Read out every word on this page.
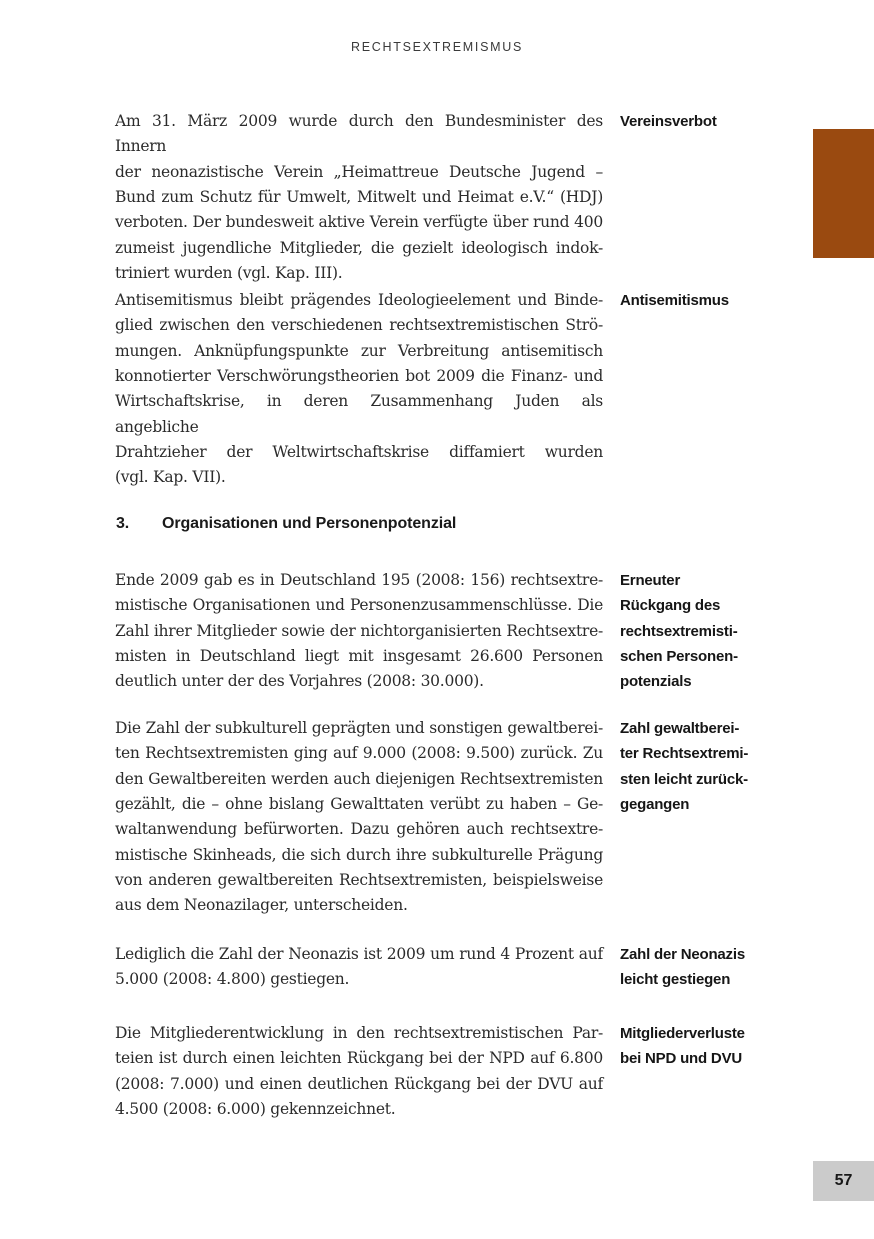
RECHTSEXTREMISMUS
Am 31. März 2009 wurde durch den Bundesminister des Innern
der neonazistische Verein „Heimattreue Deutsche Jugend –
Bund zum Schutz für Umwelt, Mitwelt und Heimat e.V.“ (HDJ)
verboten. Der bundesweit aktive Verein verfügte über rund 400
zumeist jugendliche Mitglieder, die gezielt ideologisch indok-
triniert wurden (vgl. Kap. III).
Vereinsverbot
Antisemitismus bleibt prägendes Ideologieelement und Binde-
glied zwischen den verschiedenen rechtsextremistischen Strö-
mungen. Anknüpfungspunkte zur Verbreitung antisemitisch
konnotierter Verschwörungstheorien bot 2009 die Finanz- und
Wirtschaftskrise, in deren Zusammenhang Juden als angebliche
Drahtzieher der Weltwirtschaftskrise diffamiert wurden
(vgl. Kap. VII).
Antisemitismus
3. Organisationen und Personenpotenzial
Ende 2009 gab es in Deutschland 195 (2008: 156) rechtsextre-
mistische Organisationen und Personenzusammenschlüsse. Die
Zahl ihrer Mitglieder sowie der nichtorganisierten Rechtsextre-
misten in Deutschland liegt mit insgesamt 26.600 Personen
deutlich unter der des Vorjahres (2008: 30.000).
Erneuter
Rückgang des
rechtsextremisti-
schen Personen-
potenzials
Die Zahl der subkulturell geprägten und sonstigen gewaltberei-
ten Rechtsextremisten ging auf 9.000 (2008: 9.500) zurück. Zu
den Gewaltbereiten werden auch diejenigen Rechtsextremisten
gezählt, die – ohne bislang Gewalttaten verübt zu haben – Ge-
waltanwendung befürworten. Dazu gehören auch rechtsextre-
mistische Skinheads, die sich durch ihre subkulturelle Prägung
von anderen gewaltbereiten Rechtsextremisten, beispielsweise
aus dem Neonazilager, unterscheiden.
Zahl gewaltberei-
ter Rechtsextremi-
sten leicht zurück-
gegangen
Lediglich die Zahl der Neonazis ist 2009 um rund 4 Prozent auf
5.000 (2008: 4.800) gestiegen.
Zahl der Neonazis
leicht gestiegen
Die Mitgliederentwicklung in den rechtsextremistischen Par-
teien ist durch einen leichten Rückgang bei der NPD auf 6.800
(2008: 7.000) und einen deutlichen Rückgang bei der DVU auf
4.500 (2008: 6.000) gekennzeichnet.
Mitgliederverluste
bei NPD und DVU
57
